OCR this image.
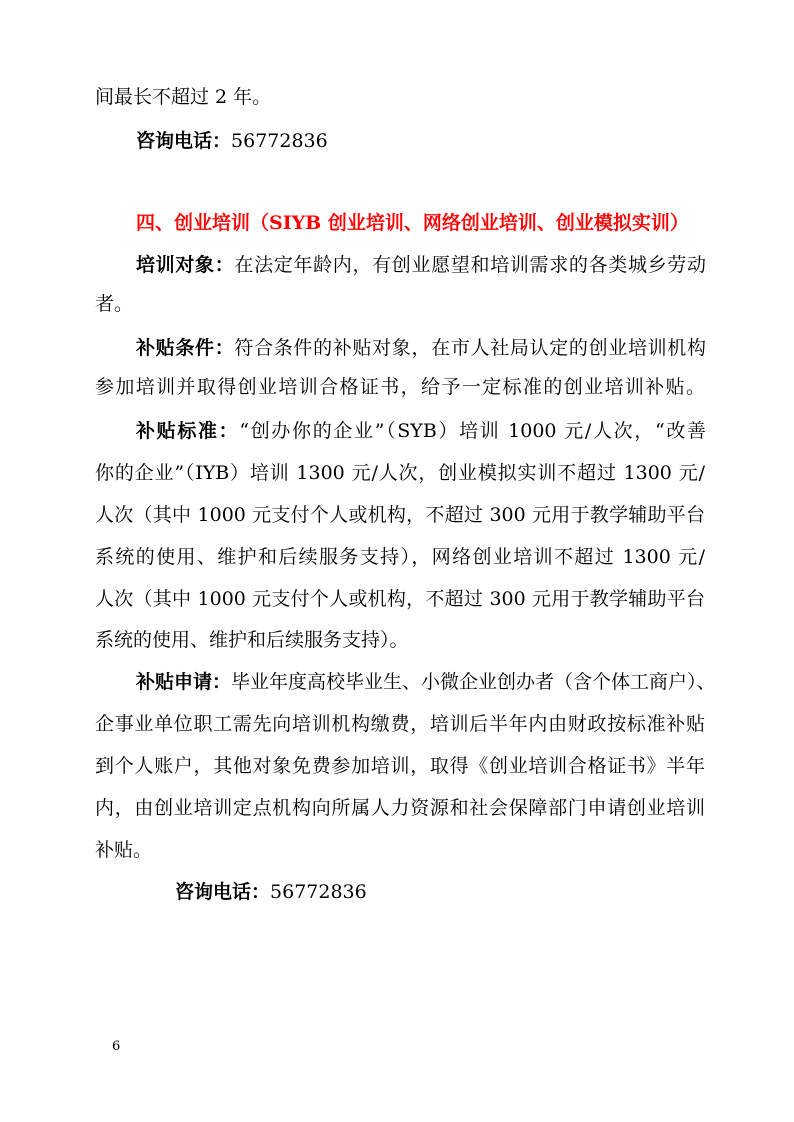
间最长不超过 2 年。
咨询电话：56772836
四、创业培训（SIYB 创业培训、网络创业培训、创业模拟实训）
培训对象：在法定年龄内，有创业愿望和培训需求的各类城乡劳动
者。
补贴条件：符合条件的补贴对象，在市人社局认定的创业培训机构
参加培训并取得创业培训合格证书，给予一定标准的创业培训补贴。
补贴标准：“创办你的企业”（SYB）培训 1000 元/人次，“改善
你的企业”（IYB）培训 1300 元/人次，创业模拟实训不超过 1300 元/
人次（其中 1000 元支付个人或机构，不超过 300 元用于教学辅助平台
系统的使用、维护和后续服务支持），网络创业培训不超过 1300 元/
人次（其中 1000 元支付个人或机构，不超过 300 元用于教学辅助平台
系统的使用、维护和后续服务支持）。
补贴申请：毕业年度高校毕业生、小微企业创办者（含个体工商户）、
企事业单位职工需先向培训机构缴费，培训后半年内由财政按标准补贴
到个人账户，其他对象免费参加培训，取得《创业培训合格证书》半年
内，由创业培训定点机构向所属人力资源和社会保障部门申请创业培训
补贴。
咨询电话：56772836
6
